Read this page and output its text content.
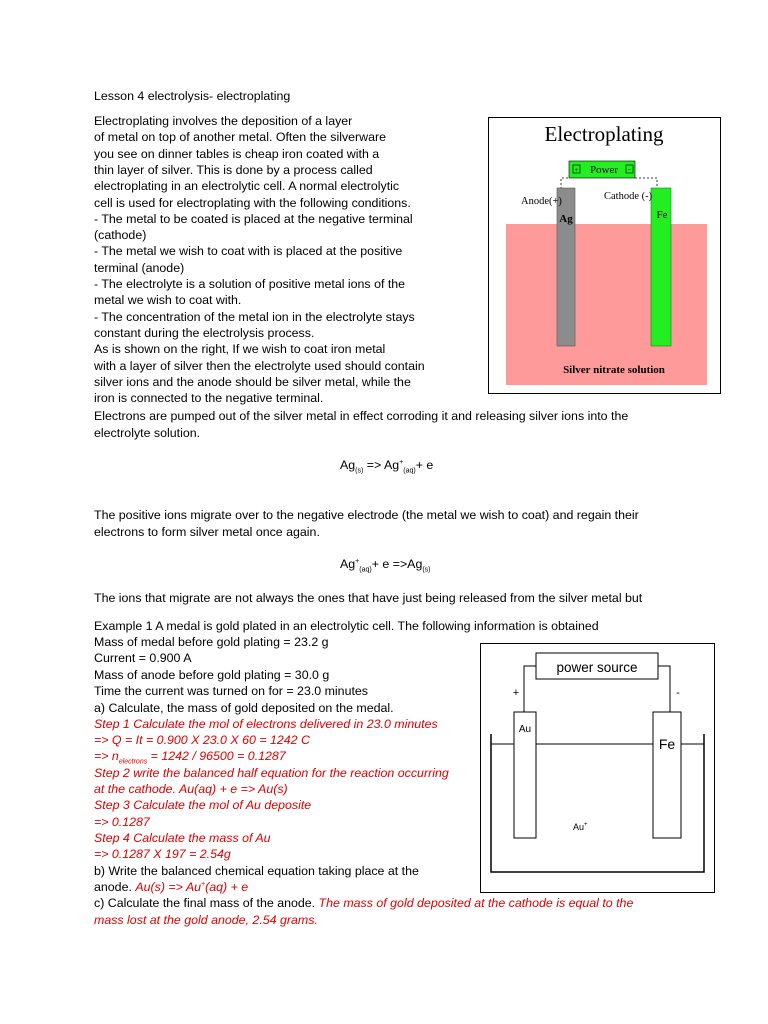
Lesson 4 electrolysis- electroplating
Electroplating involves the deposition of a layer
of metal on top of another metal. Often the silverware
you see on dinner tables is cheap iron coated with a
thin layer of silver. This is done by a process called
electroplating in an electrolytic cell. A normal electrolytic
cell is used for electroplating with the following conditions.
- The metal to be coated is placed at the negative terminal
(cathode)
- The metal we wish to coat with is placed at the positive
terminal (anode)
- The electrolyte is a solution of positive metal ions of the
metal we wish to coat with.
- The concentration of the metal ion in the electrolyte stays
constant during the electrolysis process.
As is shown on the right, If we wish to coat iron metal
with a layer of silver then the electrolyte used should contain
silver ions and the anode should be silver metal, while the
iron is connected to the negative terminal.
Electrons are pumped out of the silver metal in effect corroding it and releasing silver ions into the
electrolyte solution.
$Ag_{(s)} => Ag^+_{(aq)}+ e$
The positive ions migrate over to the negative electrode (the metal we wish to coat) and regain their
electrons to form silver metal once again.
$Ag^+_{(aq)}+ e =>Ag_{(s)}$
The ions that migrate are not always the ones that have just being released from the silver metal but
Example 1 A medal is gold plated in an electrolytic cell. The following information is obtained
Mass of medal before gold plating = 23.2 g
Current = 0.900 A
Mass of anode before gold plating = 30.0 g
Time the current was turned on for = 23.0 minutes
a) Calculate, the mass of gold deposited on the medal.
Step 1 Calculate the mol of electrons delivered in 23.0 minutes
=> Q = It = 0.900 X 23.0 X 60 = 1242 C
=> $n_{electrons} = 1242 / 96500 = 0.1287$
Step 2 write the balanced half equation for the reaction occurring
at the cathode. Au(aq) + e => Au(s)
Step 3 Calculate the mol of Au deposite
=> 0.1287
Step 4 Calculate the mass of Au
=> 0.1287 X 197 = 2.54g
b) Write the balanced chemical equation taking place at the
anode. Au(s) => Au+(aq) + e
c) Calculate the final mass of the anode. The mass of gold deposited at the cathode is equal to the
mass lost at the gold anode, 2.54 grams.
Electroplating
+	−
Power
Ag	Fe
Anode(+)	Cathode (-)
Silver nitrate solution
power source
+	-
Au
Fe
Au+
